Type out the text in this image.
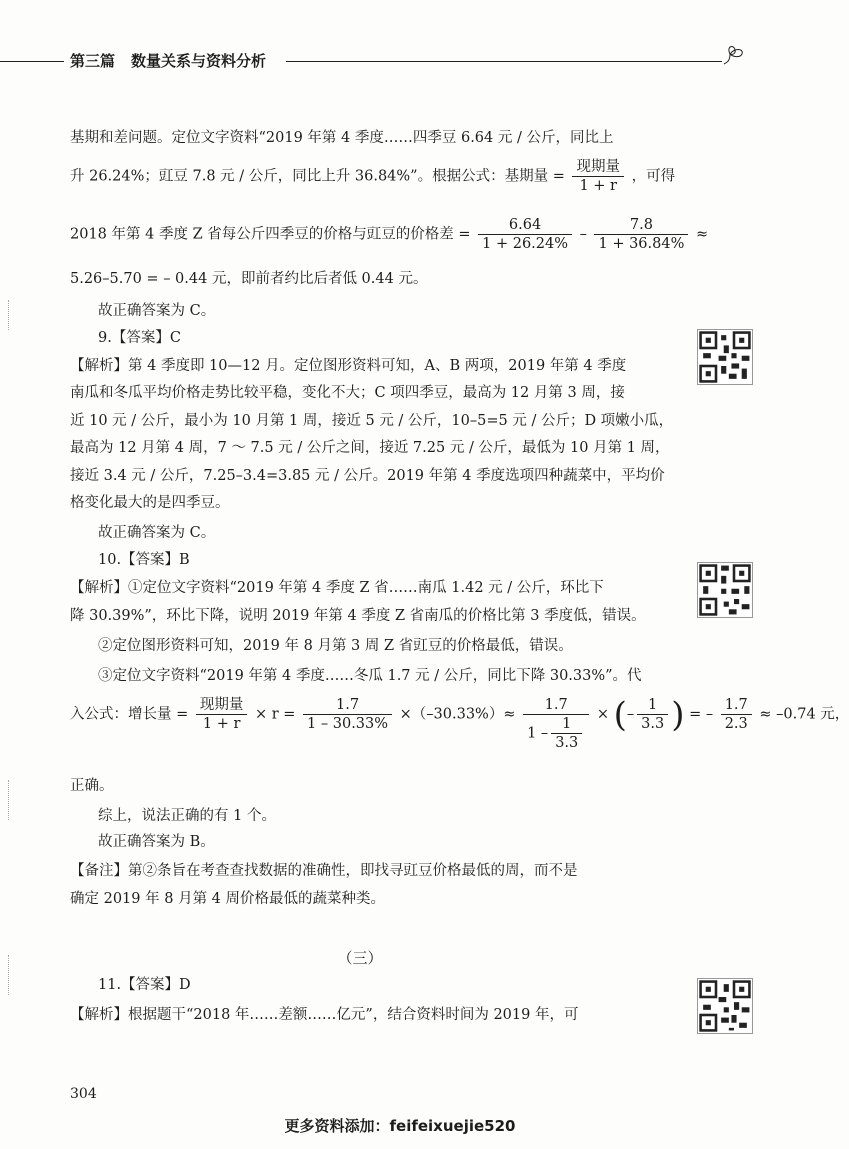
第三篇 数量关系与资料分析
基期和差问题。定位文字资料“2019 年第 4 季度……四季豆 6.64 元 / 公斤，同比上
升 26.24%；豇豆 7.8 元 / 公斤，同比上升 36.84%”。根据公式：基期量 = $\frac{\text{现期量}}{1 + r}$ ，可得
2018 年第 4 季度 Z 省每公斤四季豆的价格与豇豆的价格差 = $\frac{6.64}{1 + 26.24\%} - \frac{7.8}{1 + 36.84\%}$ ≈
5.26–5.70 = – 0.44 元，即前者约比后者低 0.44 元。
故正确答案为 C。
9.【答案】C
【解析】第 4 季度即 10—12 月。定位图形资料可知，A、B 两项，2019 年第 4 季度
南瓜和冬瓜平均价格走势比较平稳，变化不大；C 项四季豆，最高为 12 月第 3 周，接
近 10 元 / 公斤，最小为 10 月第 1 周，接近 5 元 / 公斤，10–5=5 元 / 公斤；D 项嫩小瓜，
最高为 12 月第 4 周，7 ～ 7.5 元 / 公斤之间，接近 7.25 元 / 公斤，最低为 10 月第 1 周，
接近 3.4 元 / 公斤，7.25–3.4=3.85 元 / 公斤。2019 年第 4 季度选项四种蔬菜中，平均价
格变化最大的是四季豆。
故正确答案为 C。
10.【答案】B
【解析】①定位文字资料“2019 年第 4 季度 Z 省……南瓜 1.42 元 / 公斤，环比下
降 30.39%”，环比下降，说明 2019 年第 4 季度 Z 省南瓜的价格比第 3 季度低，错误。
②定位图形资料可知，2019 年 8 月第 3 周 Z 省豇豆的价格最低，错误。
③定位文字资料“2019 年第 4 季度……冬瓜 1.7 元 / 公斤，同比下降 30.33%”。代
入公式：增长量 = $\frac{\text{现期量}}{1 + r} \times r = \frac{1.7}{1 - 30.33\%} \times(-30.33\%)\approx \frac{1.7}{1 - \frac{1}{3.3}}$ × (– $\frac{1}{3.3}$ ) = – $\frac{1.7}{2.3} \approx -0.74$ 元，
正确。
综上，说法正确的有 1 个。
故正确答案为 B。
【备注】第②条旨在考查查找数据的准确性，即找寻豇豆价格最低的周，而不是
确定 2019 年 8 月第 4 周价格最低的蔬菜种类。
（三）
11.【答案】D
【解析】根据题干“2018 年……差额……亿元”，结合资料时间为 2019 年，可
304
更多资料添加：feifeixuejie520
